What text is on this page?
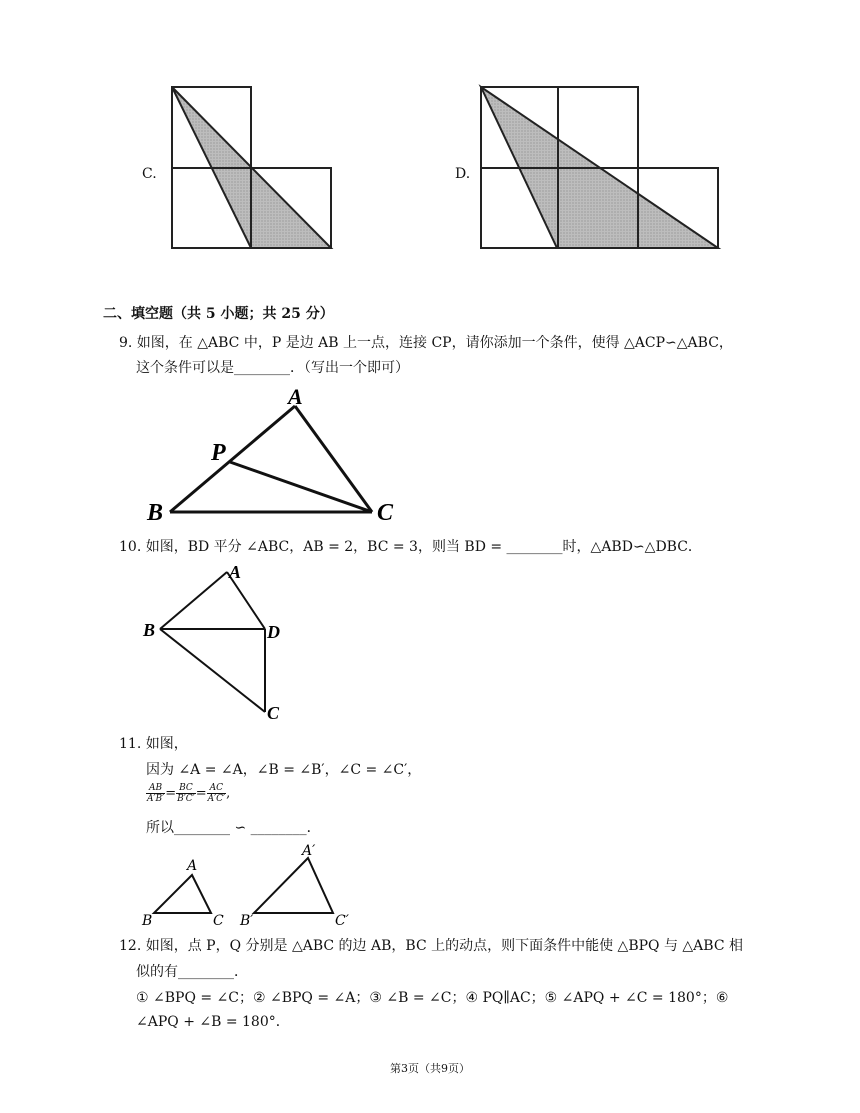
C.	D.
二、填空题（共 5 小题；共 25 分）
9. 如图，在 △ABC 中，P 是边 AB 上一点，连接 CP，请你添加一个条件，使得 △ACP∽△ABC，
这个条件可以是________．（写出一个即可）
A
P
B	C
10. 如图，BD 平分 ∠ABC，AB = 2，BC = 3，则当 BD = ________时，△ABD∽△DBC．
A
B	D
C
11. 如图，
因为 ∠A = ∠A，∠B = ∠B′，∠C = ∠C′，
$\frac{AB}{A'B'} = \frac{BC}{B'C'} = \frac{AC}{A'C'}$ ,
所以________ ∽ ________．
A
B	C
A′
B′	C′
12. 如图，点 P，Q 分别是 △ABC 的边 AB，BC 上的动点，则下面条件中能使 △BPQ 与 △ABC 相
似的有________．
① ∠BPQ = ∠C；② ∠BPQ = ∠A；③ ∠B = ∠C；④ PQ∥AC；⑤ ∠APQ + ∠C = 180°；⑥
∠APQ + ∠B = 180°．
第3页（共9页）
